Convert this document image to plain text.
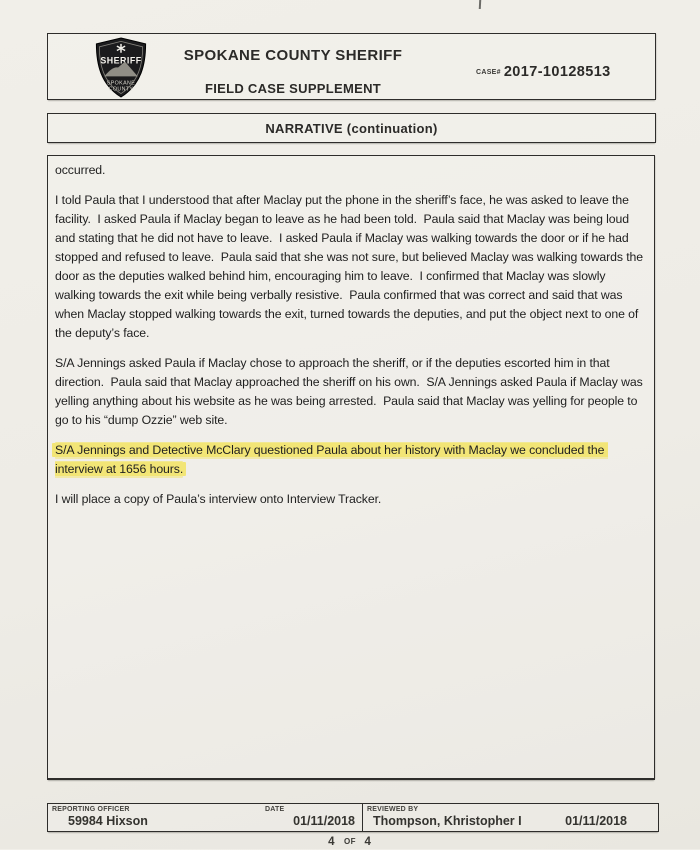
SHERIFF
SPOKANE
COUNTY
SPOKANE COUNTY SHERIFF
CASE# 2017-10128513
FIELD CASE SUPPLEMENT
NARRATIVE (continuation)

occurred.

I told Paula that I understood that after Maclay put the phone in the sheriff’s face, he was asked to leave the facility.  I asked Paula if Maclay began to leave as he had been told.  Paula said that Maclay was being loud and stating that he did not have to leave.  I asked Paula if Maclay was walking towards the door or if he had stopped and refused to leave.  Paula said that she was not sure, but believed Maclay was walking towards the door as the deputies walked behind him, encouraging him to leave.  I confirmed that Maclay was slowly walking towards the exit while being verbally resistive.  Paula confirmed that was correct and said that was when Maclay stopped walking towards the exit, turned towards the deputies, and put the object next to one of the deputy’s face.

S/A Jennings asked Paula if Maclay chose to approach the sheriff, or if the deputies escorted him in that direction.  Paula said that Maclay approached the sheriff on his own.  S/A Jennings asked Paula if Maclay was yelling anything about his website as he was being arrested.  Paula said that Maclay was yelling for people to go to his “dump Ozzie” web site.

S/A Jennings and Detective McClary questioned Paula about her history with Maclay we concluded the interview at 1656 hours.

I will place a copy of Paula’s interview onto Interview Tracker.

REPORTING OFFICER
59984 Hixson
DATE
01/11/2018
REVIEWED BY
Thompson, Khristopher I	01/11/2018
4 OF 4
